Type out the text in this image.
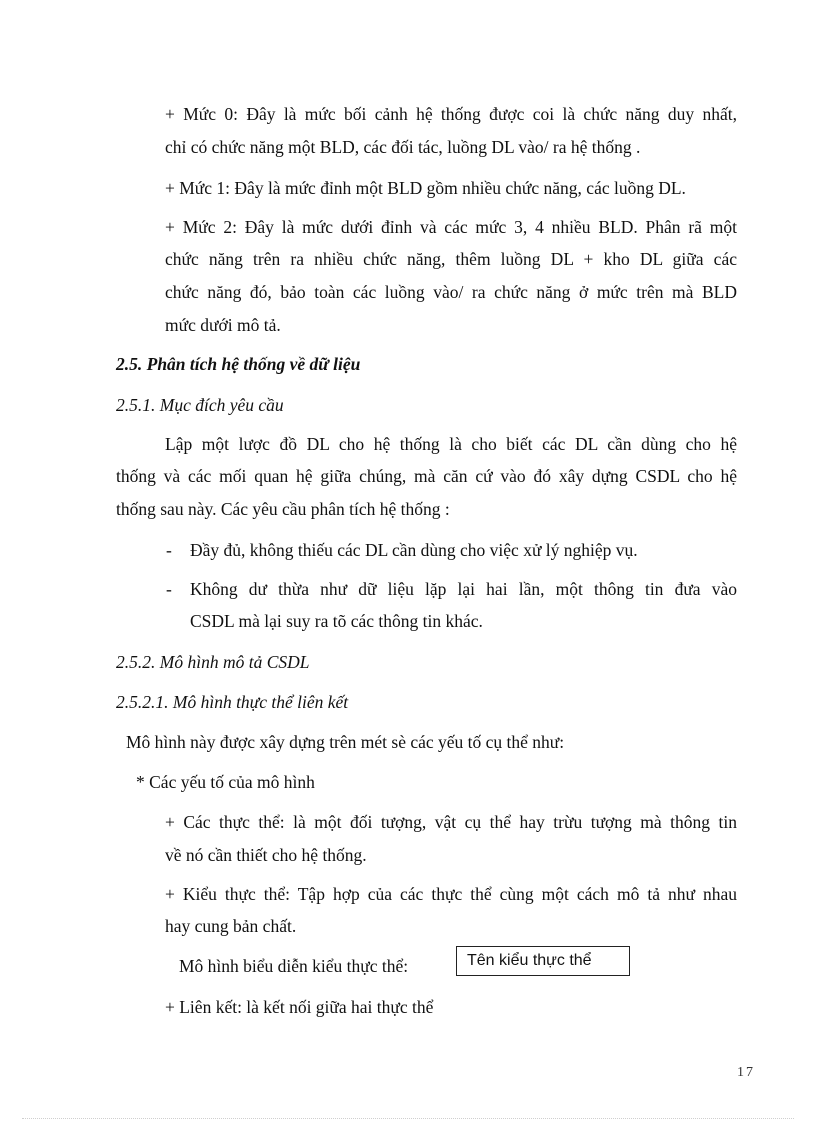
+ Mức 0: Đây là mức bối cảnh hệ thống được coi là chức năng duy nhất,
chỉ có chức năng một BLD, các đối tác, luồng DL vào/ ra hệ thống .
+ Mức 1: Đây là mức đỉnh một BLD gồm nhiều chức năng, các luồng DL.
+ Mức 2: Đây là mức dưới đỉnh và các mức 3, 4 nhiều BLD. Phân rã một
chức năng trên ra nhiều chức năng, thêm luồng DL + kho DL giữa các
chức năng đó, bảo toàn các luồng vào/ ra chức năng ở mức trên mà BLD
mức dưới mô tả.
2.5. Phân tích hệ thống về dữ liệu
2.5.1. Mục đích yêu cầu
Lập một lược đồ DL cho hệ thống là cho biết các DL cần dùng cho hệ
thống và các mối quan hệ giữa chúng, mà căn cứ vào đó xây dựng CSDL cho hệ
thống sau này. Các yêu cầu phân tích hệ thống :
- Đầy đủ, không thiếu các DL cần dùng cho việc xử lý nghiệp vụ.
- Không dư thừa như dữ liệu lặp lại hai lần, một thông tin đưa vào
CSDL mà lại suy ra tõ các thông tin khác.
2.5.2. Mô hình mô tả CSDL
2.5.2.1. Mô hình thực thể liên kết
Mô hình này được xây dựng trên mét sè các yếu tố cụ thể như:
* Các yếu tố của mô hình
+ Các thực thể: là một đối tượng, vật cụ thể hay trừu tượng mà thông tin
về nó cần thiết cho hệ thống.
+ Kiểu thực thể: Tập hợp của các thực thể cùng một cách mô tả như nhau
hay cung bản chất.
Mô hình biểu diễn kiểu thực thể:	Tên kiểu thực thể
+ Liên kết: là kết nối giữa hai thực thể
17
